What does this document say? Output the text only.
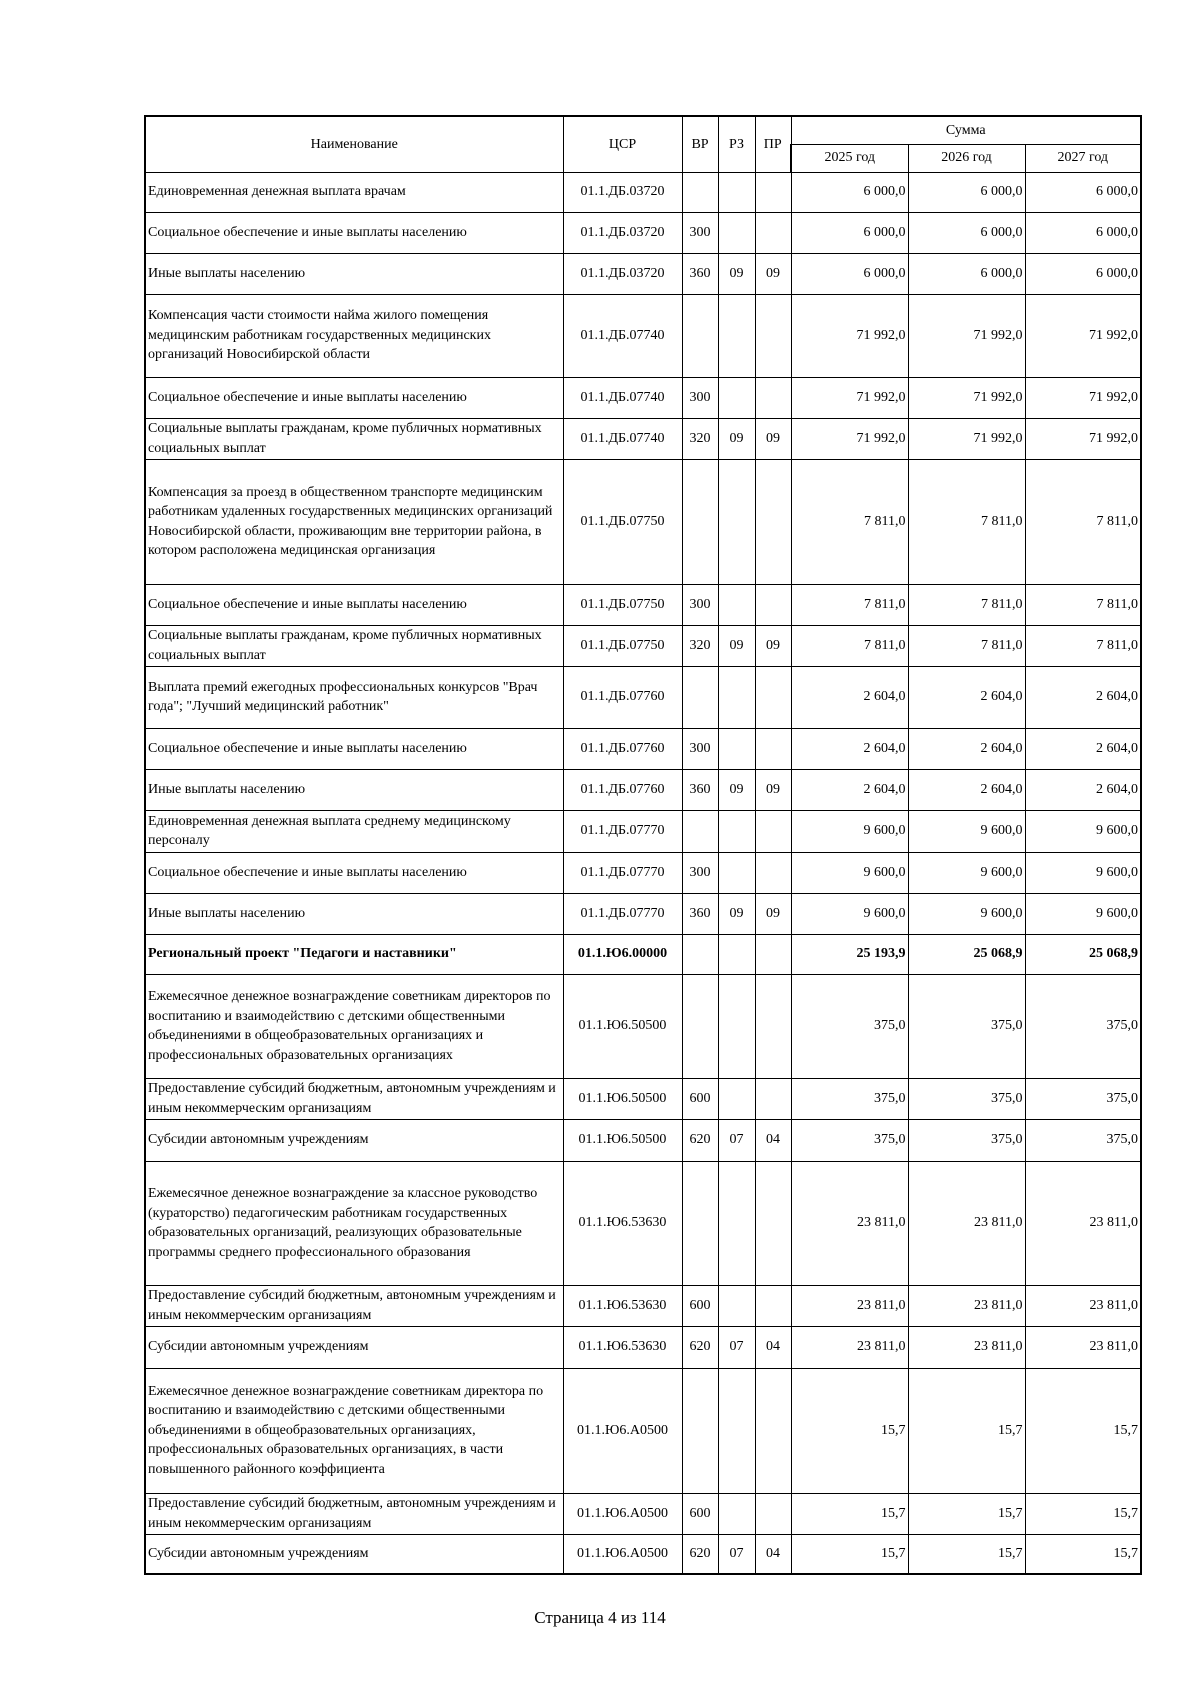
Наименование	ЦСР	ВР	РЗ	ПР	Сумма		
					2025 год	2026 год	2027 год
Единовременная денежная выплата врачам	01.1.ДБ.03720				6 000,0	6 000,0	6 000,0
Социальное обеспечение и иные выплаты населению	01.1.ДБ.03720	300			6 000,0	6 000,0	6 000,0
Иные выплаты населению	01.1.ДБ.03720	360	09	09	6 000,0	6 000,0	6 000,0
Компенсация части стоимости найма жилого помещения медицинским работникам государственных медицинских организаций Новосибирской области	01.1.ДБ.07740				71 992,0	71 992,0	71 992,0
Социальное обеспечение и иные выплаты населению	01.1.ДБ.07740	300			71 992,0	71 992,0	71 992,0
Социальные выплаты гражданам, кроме публичных нормативных социальных выплат	01.1.ДБ.07740	320	09	09	71 992,0	71 992,0	71 992,0
Компенсация за проезд в общественном транспорте медицинским работникам удаленных государственных медицинских организаций Новосибирской области, проживающим вне территории района, в котором расположена медицинская организация	01.1.ДБ.07750				7 811,0	7 811,0	7 811,0
Социальное обеспечение и иные выплаты населению	01.1.ДБ.07750	300			7 811,0	7 811,0	7 811,0
Социальные выплаты гражданам, кроме публичных нормативных социальных выплат	01.1.ДБ.07750	320	09	09	7 811,0	7 811,0	7 811,0
Выплата премий ежегодных профессиональных конкурсов "Врач года"; "Лучший медицинский работник"	01.1.ДБ.07760				2 604,0	2 604,0	2 604,0
Социальное обеспечение и иные выплаты населению	01.1.ДБ.07760	300			2 604,0	2 604,0	2 604,0
Иные выплаты населению	01.1.ДБ.07760	360	09	09	2 604,0	2 604,0	2 604,0
Единовременная денежная выплата среднему медицинскому персоналу	01.1.ДБ.07770				9 600,0	9 600,0	9 600,0
Социальное обеспечение и иные выплаты населению	01.1.ДБ.07770	300			9 600,0	9 600,0	9 600,0
Иные выплаты населению	01.1.ДБ.07770	360	09	09	9 600,0	9 600,0	9 600,0
Региональный проект "Педагоги и наставники"	01.1.Ю6.00000				25 193,9	25 068,9	25 068,9
Ежемесячное денежное вознаграждение советникам директоров по воспитанию и взаимодействию с детскими общественными объединениями в общеобразовательных организациях и профессиональных образовательных организациях	01.1.Ю6.50500				375,0	375,0	375,0
Предоставление субсидий бюджетным, автономным учреждениям и иным некоммерческим организациям	01.1.Ю6.50500	600			375,0	375,0	375,0
Субсидии автономным учреждениям	01.1.Ю6.50500	620	07	04	375,0	375,0	375,0
Ежемесячное денежное вознаграждение за классное руководство (кураторство) педагогическим работникам государственных образовательных организаций, реализующих образовательные программы среднего профессионального образования	01.1.Ю6.53630				23 811,0	23 811,0	23 811,0
Предоставление субсидий бюджетным, автономным учреждениям и иным некоммерческим организациям	01.1.Ю6.53630	600			23 811,0	23 811,0	23 811,0
Субсидии автономным учреждениям	01.1.Ю6.53630	620	07	04	23 811,0	23 811,0	23 811,0
Ежемесячное денежное вознаграждение советникам директора по воспитанию и взаимодействию с детскими общественными объединениями в общеобразовательных организациях, профессиональных образовательных организациях, в части повышенного районного коэффициента	01.1.Ю6.А0500				15,7	15,7	15,7
Предоставление субсидий бюджетным, автономным учреждениям и иным некоммерческим организациям	01.1.Ю6.А0500	600			15,7	15,7	15,7
Субсидии автономным учреждениям	01.1.Ю6.А0500	620	07	04	15,7	15,7	15,7
Страница 4 из 114
